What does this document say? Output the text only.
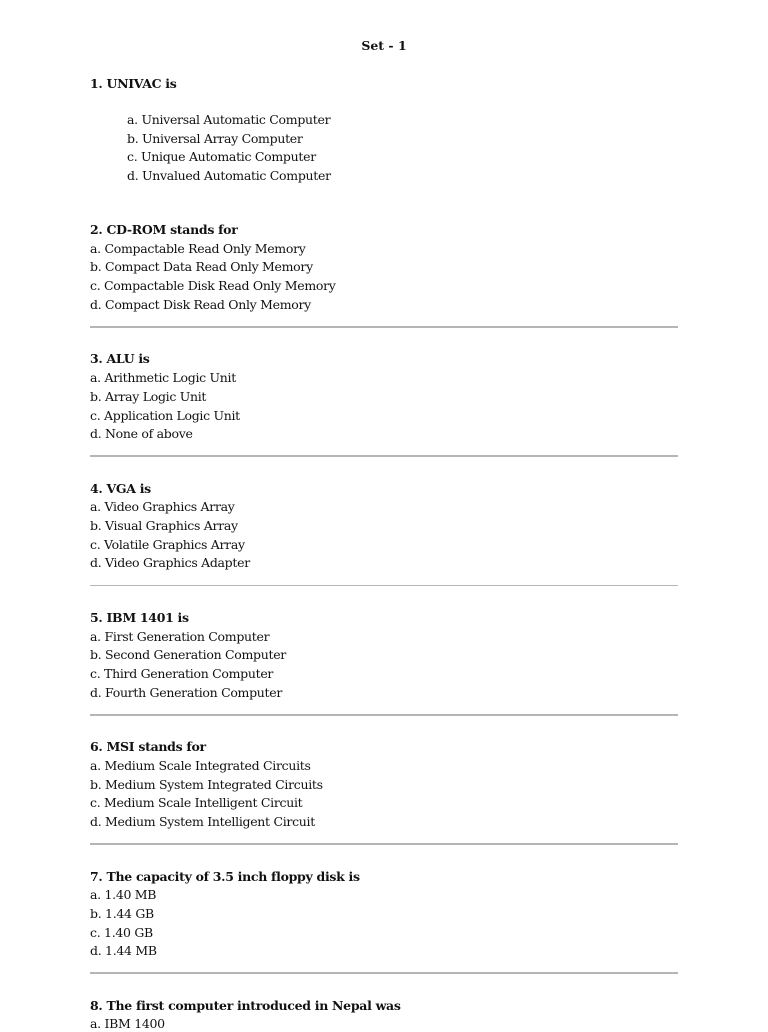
Set - 1
1. UNIVAC is
a. Universal Automatic Computer
b. Universal Array Computer
c. Unique Automatic Computer
d. Unvalued Automatic Computer
2. CD-ROM stands for
a. Compactable Read Only Memory
b. Compact Data Read Only Memory
c. Compactable Disk Read Only Memory
d. Compact Disk Read Only Memory
3. ALU is
a. Arithmetic Logic Unit
b. Array Logic Unit
c. Application Logic Unit
d. None of above
4. VGA is
a. Video Graphics Array
b. Visual Graphics Array
c. Volatile Graphics Array
d. Video Graphics Adapter
5. IBM 1401 is
a. First Generation Computer
b. Second Generation Computer
c. Third Generation Computer
d. Fourth Generation Computer
6. MSI stands for
a. Medium Scale Integrated Circuits
b. Medium System Integrated Circuits
c. Medium Scale Intelligent Circuit
d. Medium System Intelligent Circuit
7. The capacity of 3.5 inch floppy disk is
a. 1.40 MB
b. 1.44 GB
c. 1.40 GB
d. 1.44 MB
8. The first computer introduced in Nepal was
a. IBM 1400
